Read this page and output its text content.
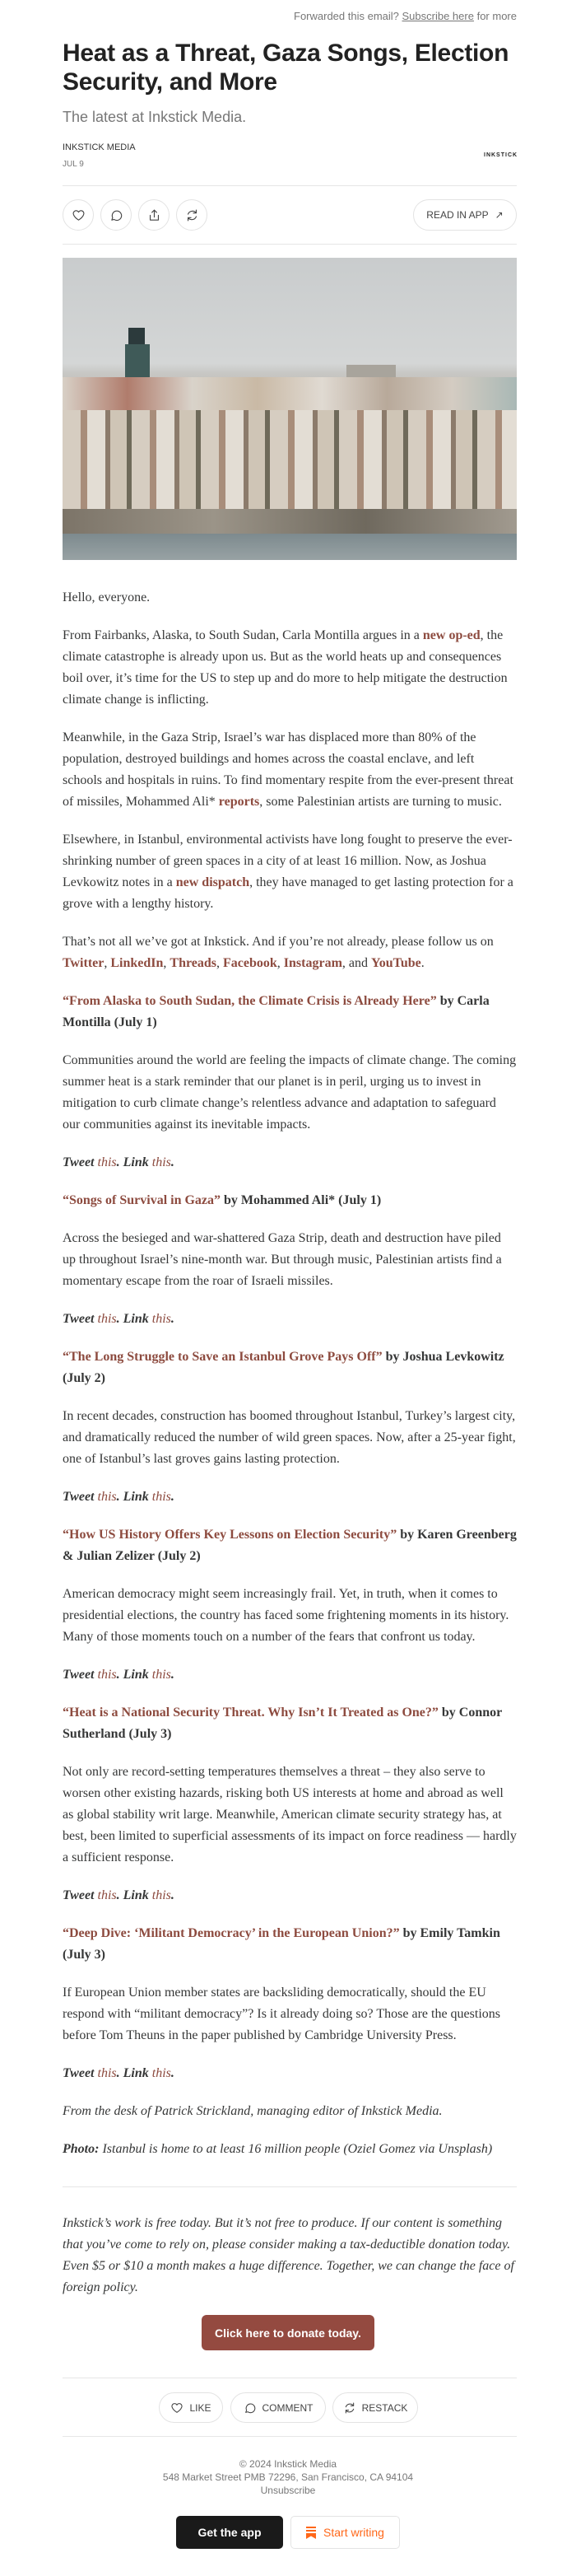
Forwarded this email? Subscribe here for more
Heat as a Threat, Gaza Songs, Election Security, and More
The latest at Inkstick Media.
INKSTICK MEDIA
JUL 9
INKSTICK
READ IN APP ↗

Hello, everyone.

From Fairbanks, Alaska, to South Sudan, Carla Montilla argues in a new op-ed, the climate catastrophe is already upon us. But as the world heats up and consequences boil over, it’s time for the US to step up and do more to help mitigate the destruction climate change is inflicting.

Meanwhile, in the Gaza Strip, Israel’s war has displaced more than 80% of the population, destroyed buildings and homes across the coastal enclave, and left schools and hospitals in ruins. To find momentary respite from the ever-present threat of missiles, Mohammed Ali* reports, some Palestinian artists are turning to music.

Elsewhere, in Istanbul, environmental activists have long fought to preserve the ever-shrinking number of green spaces in a city of at least 16 million. Now, as Joshua Levkowitz notes in a new dispatch, they have managed to get lasting protection for a grove with a lengthy history.

That’s not all we’ve got at Inkstick. And if you’re not already, please follow us on Twitter, LinkedIn, Threads, Facebook, Instagram, and YouTube.

“From Alaska to South Sudan, the Climate Crisis is Already Here” by Carla Montilla (July 1)

Communities around the world are feeling the impacts of climate change. The coming summer heat is a stark reminder that our planet is in peril, urging us to invest in mitigation to curb climate change’s relentless advance and adaptation to safeguard our communities against its inevitable impacts.

Tweet this. Link this.

“Songs of Survival in Gaza” by Mohammed Ali* (July 1)

Across the besieged and war-shattered Gaza Strip, death and destruction have piled up throughout Israel’s nine-month war. But through music, Palestinian artists find a momentary escape from the roar of Israeli missiles.

Tweet this. Link this.

“The Long Struggle to Save an Istanbul Grove Pays Off” by Joshua Levkowitz (July 2)

In recent decades, construction has boomed throughout Istanbul, Turkey’s largest city, and dramatically reduced the number of wild green spaces. Now, after a 25-year fight, one of Istanbul’s last groves gains lasting protection.

Tweet this. Link this.

“How US History Offers Key Lessons on Election Security” by Karen Greenberg & Julian Zelizer (July 2)

American democracy might seem increasingly frail. Yet, in truth, when it comes to presidential elections, the country has faced some frightening moments in its history. Many of those moments touch on a number of the fears that confront us today.

Tweet this. Link this.

“Heat is a National Security Threat. Why Isn’t It Treated as One?” by Connor Sutherland (July 3)

Not only are record-setting temperatures themselves a threat – they also serve to worsen other existing hazards, risking both US interests at home and abroad as well as global stability writ large. Meanwhile, American climate security strategy has, at best, been limited to superficial assessments of its impact on force readiness — hardly a sufficient response.

Tweet this. Link this.

“Deep Dive: ‘Militant Democracy’ in the European Union?” by Emily Tamkin (July 3)

If European Union member states are backsliding democratically, should the EU respond with “militant democracy”? Is it already doing so? Those are the questions before Tom Theuns in the paper published by Cambridge University Press.

Tweet this. Link this.

From the desk of Patrick Strickland, managing editor of Inkstick Media.

Photo: Istanbul is home to at least 16 million people (Oziel Gomez via Unsplash)

Inkstick’s work is free today. But it’s not free to produce. If our content is something that you’ve come to rely on, please consider making a tax-deductible donation today. Even $5 or $10 a month makes a huge difference. Together, we can change the face of foreign policy.
Click here to donate today.
LIKE	COMMENT	RESTACK
© 2024 Inkstick Media
548 Market Street PMB 72296, San Francisco, CA 94104
Unsubscribe
Get the app	Start writing
